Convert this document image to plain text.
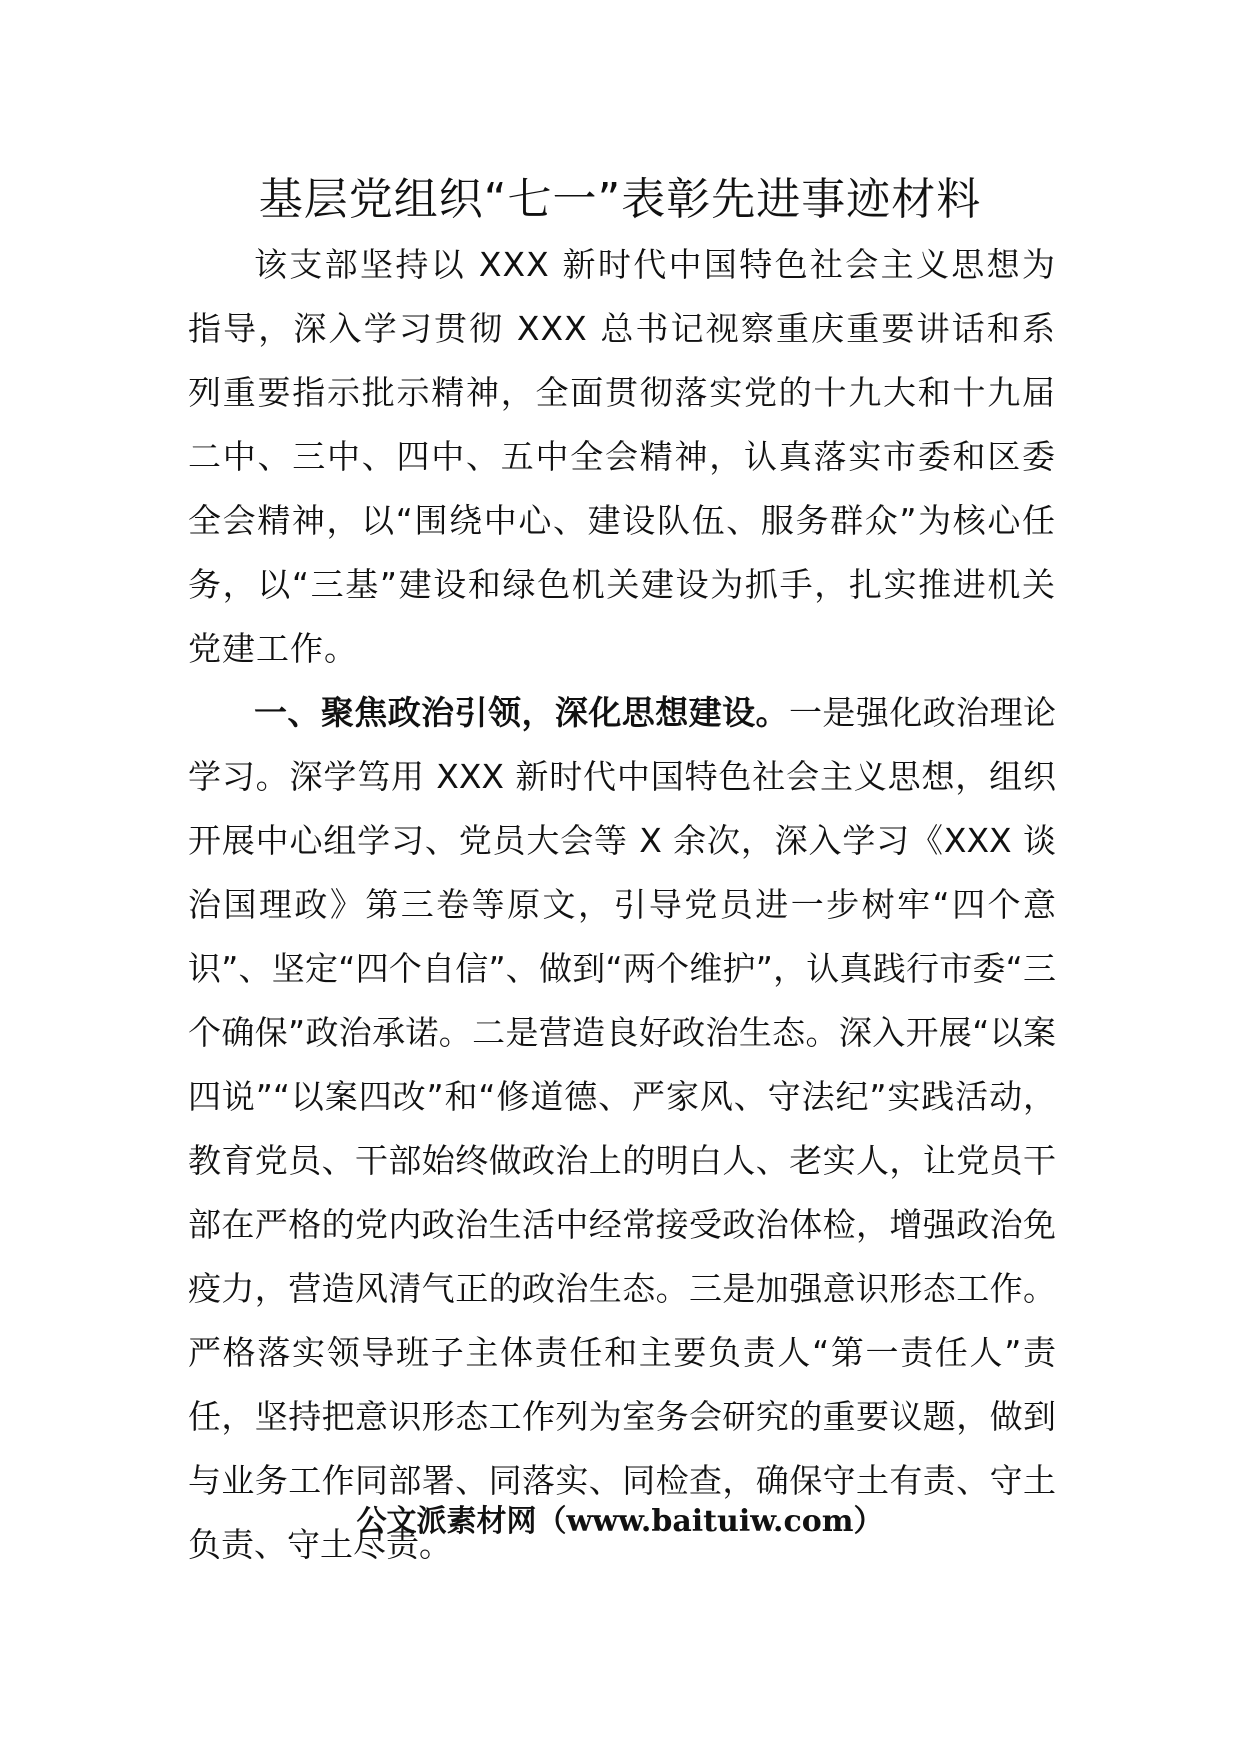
基层党组织“七一”表彰先进事迹材料

该支部坚持以 XXX 新时代中国特色社会主义思想为指导，深入学习贯彻 XXX 总书记视察重庆重要讲话和系列重要指示批示精神，全面贯彻落实党的十九大和十九届二中、三中、四中、五中全会精神，认真落实市委和区委全会精神，以“围绕中心、建设队伍、服务群众”为核心任务，以“三基”建设和绿色机关建设为抓手，扎实推进机关党建工作。

一、聚焦政治引领，深化思想建设。一是强化政治理论学习。深学笃用 XXX 新时代中国特色社会主义思想，组织开展中心组学习、党员大会等 X 余次，深入学习《XXX 谈治国理政》第三卷等原文，引导党员进一步树牢“四个意识”、坚定“四个自信”、做到“两个维护”，认真践行市委“三个确保”政治承诺。二是营造良好政治生态。深入开展“以案四说”“以案四改”和“修道德、严家风、守法纪”实践活动，教育党员、干部始终做政治上的明白人、老实人，让党员干部在严格的党内政治生活中经常接受政治体检，增强政治免疫力，营造风清气正的政治生态。三是加强意识形态工作。严格落实领导班子主体责任和主要负责人“第一责任人”责任，坚持把意识形态工作列为室务会研究的重要议题，做到与业务工作同部署、同落实、同检查，确保守土有责、守土负责、守土尽责。

公文派素材网（www.baituiw.com）
